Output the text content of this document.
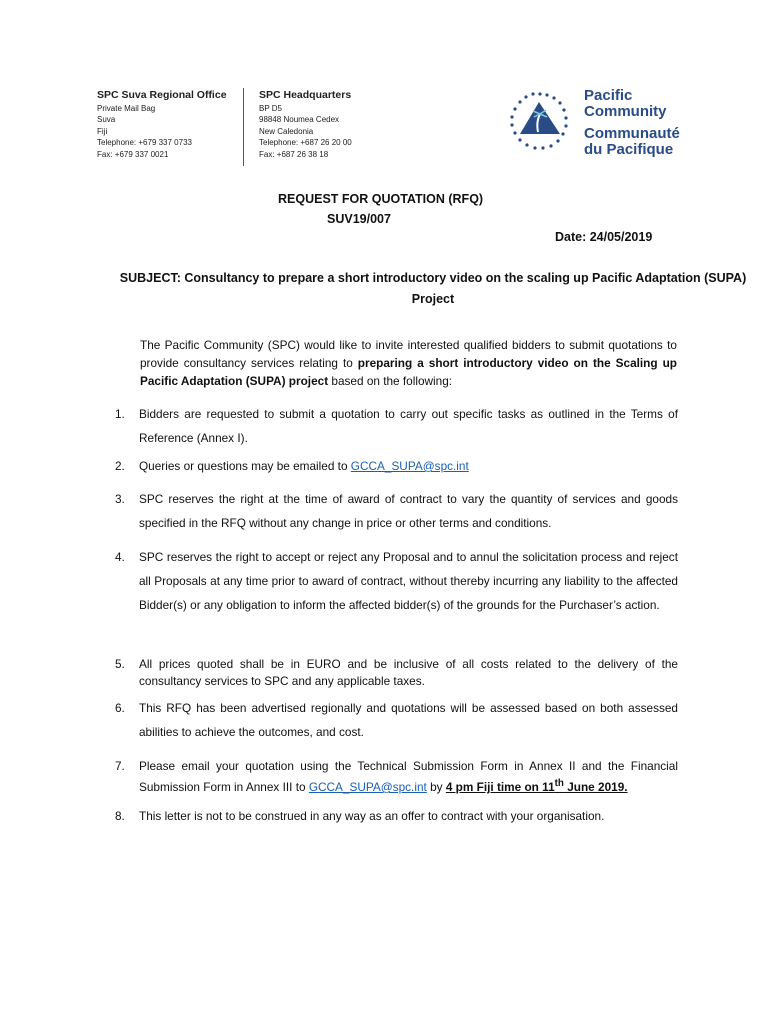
SPC Suva Regional Office
Private Mail Bag
Suva
Fiji
Telephone: +679 337 0733
Fax: +679 337 0021
SPC Headquarters
BP D5
98848 Noumea Cedex
New Caledonia
Telephone: +687 26 20 00
Fax: +687 26 38 18
Pacific
Community
Communauté
du Pacifique
REQUEST FOR QUOTATION (RFQ)
SUV19/007
Date: 24/05/2019
SUBJECT: Consultancy to prepare a short introductory video on the scaling up Pacific Adaptation (SUPA) Project
The Pacific Community (SPC) would like to invite interested qualified bidders to submit quotations to provide consultancy services relating to preparing a short introductory video on the Scaling up Pacific Adaptation (SUPA) project based on the following:
1.	Bidders are requested to submit a quotation to carry out specific tasks as outlined in the Terms of Reference (Annex I).
2.	Queries or questions may be emailed to GCCA_SUPA@spc.int
3.	SPC reserves the right at the time of award of contract to vary the quantity of services and goods specified in the RFQ without any change in price or other terms and conditions.
4.	SPC reserves the right to accept or reject any Proposal and to annul the solicitation process and reject all Proposals at any time prior to award of contract, without thereby incurring any liability to the affected Bidder(s) or any obligation to inform the affected bidder(s) of the grounds for the Purchaser’s action.
5.	All prices quoted shall be in EURO and be inclusive of all costs related to the delivery of the consultancy services to SPC and any applicable taxes.
6.	This RFQ has been advertised regionally and quotations will be assessed based on both assessed abilities to achieve the outcomes, and cost.
7.	Please email your quotation using the Technical Submission Form in Annex II and the Financial Submission Form in Annex III to GCCA_SUPA@spc.int by 4 pm Fiji time on 11th June 2019.
8.	This letter is not to be construed in any way as an offer to contract with your organisation.
